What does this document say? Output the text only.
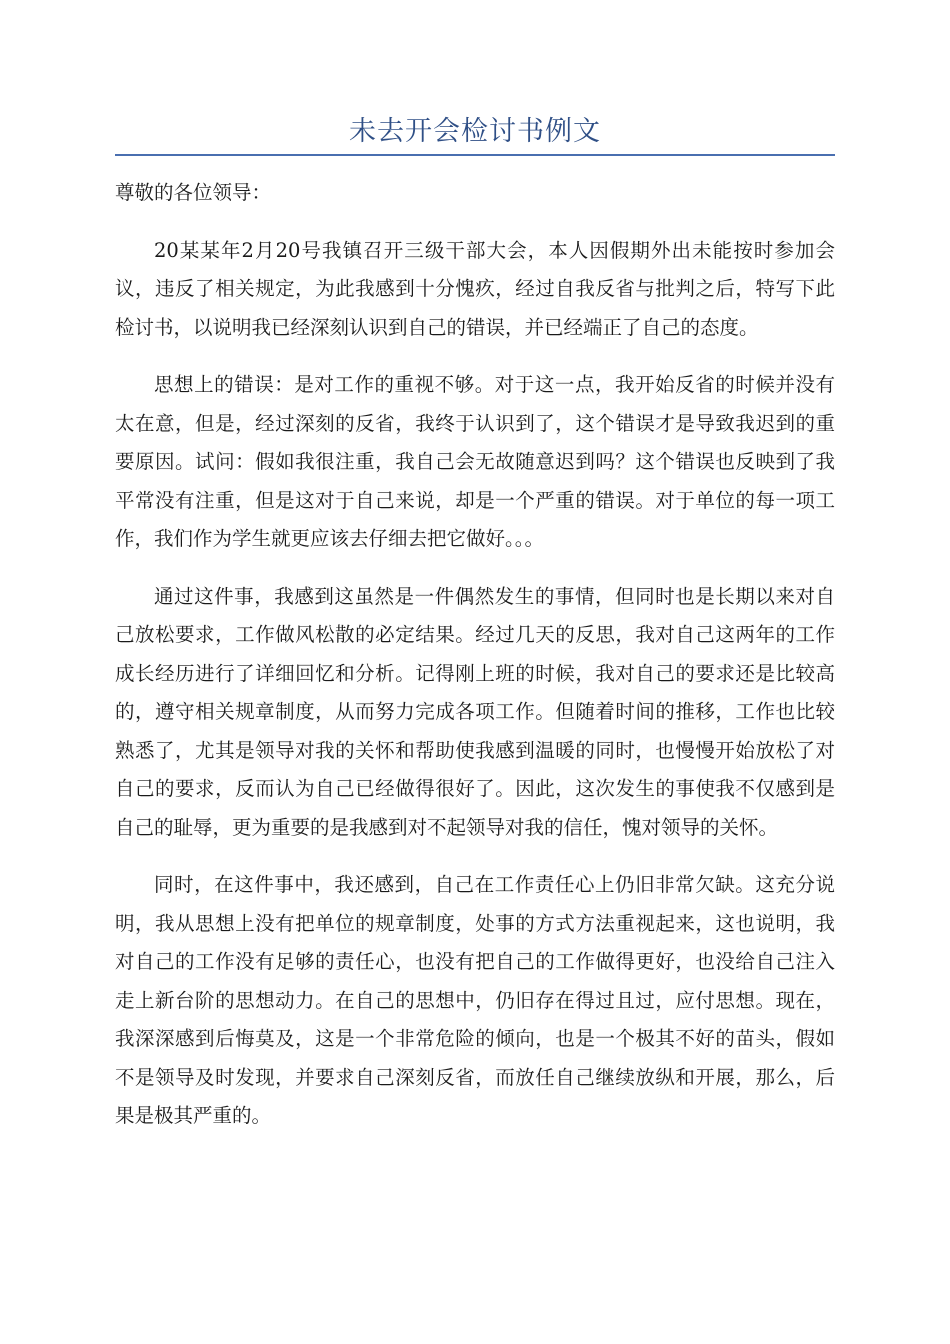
未去开会检讨书例文

尊敬的各位领导：

20某某年2月20号我镇召开三级干部大会，本人因假期外出未能按时参加会议，违反了相关规定，为此我感到十分愧疚，经过自我反省与批判之后，特写下此检讨书，以说明我已经深刻认识到自己的错误，并已经端正了自己的态度。

思想上的错误：是对工作的重视不够。对于这一点，我开始反省的时候并没有太在意，但是，经过深刻的反省，我终于认识到了，这个错误才是导致我迟到的重要原因。试问：假如我很注重，我自己会无故随意迟到吗？这个错误也反映到了我平常没有注重，但是这对于自己来说，却是一个严重的错误。对于单位的每一项工作，我们作为学生就更应该去仔细去把它做好。。。

通过这件事，我感到这虽然是一件偶然发生的事情，但同时也是长期以来对自己放松要求，工作做风松散的必定结果。经过几天的反思，我对自己这两年的工作成长经历进行了详细回忆和分析。记得刚上班的时候，我对自己的要求还是比较高的，遵守相关规章制度，从而努力完成各项工作。但随着时间的推移，工作也比较熟悉了，尤其是领导对我的关怀和帮助使我感到温暖的同时，也慢慢开始放松了对自己的要求，反而认为自己已经做得很好了。因此，这次发生的事使我不仅感到是自己的耻辱，更为重要的是我感到对不起领导对我的信任，愧对领导的关怀。

同时，在这件事中，我还感到，自己在工作责任心上仍旧非常欠缺。这充分说明，我从思想上没有把单位的规章制度，处事的方式方法重视起来，这也说明，我对自己的工作没有足够的责任心，也没有把自己的工作做得更好，也没给自己注入走上新台阶的思想动力。在自己的思想中，仍旧存在得过且过，应付思想。现在，我深深感到后悔莫及，这是一个非常危险的倾向，也是一个极其不好的苗头，假如不是领导及时发现，并要求自己深刻反省，而放任自己继续放纵和开展，那么，后果是极其严重的。
